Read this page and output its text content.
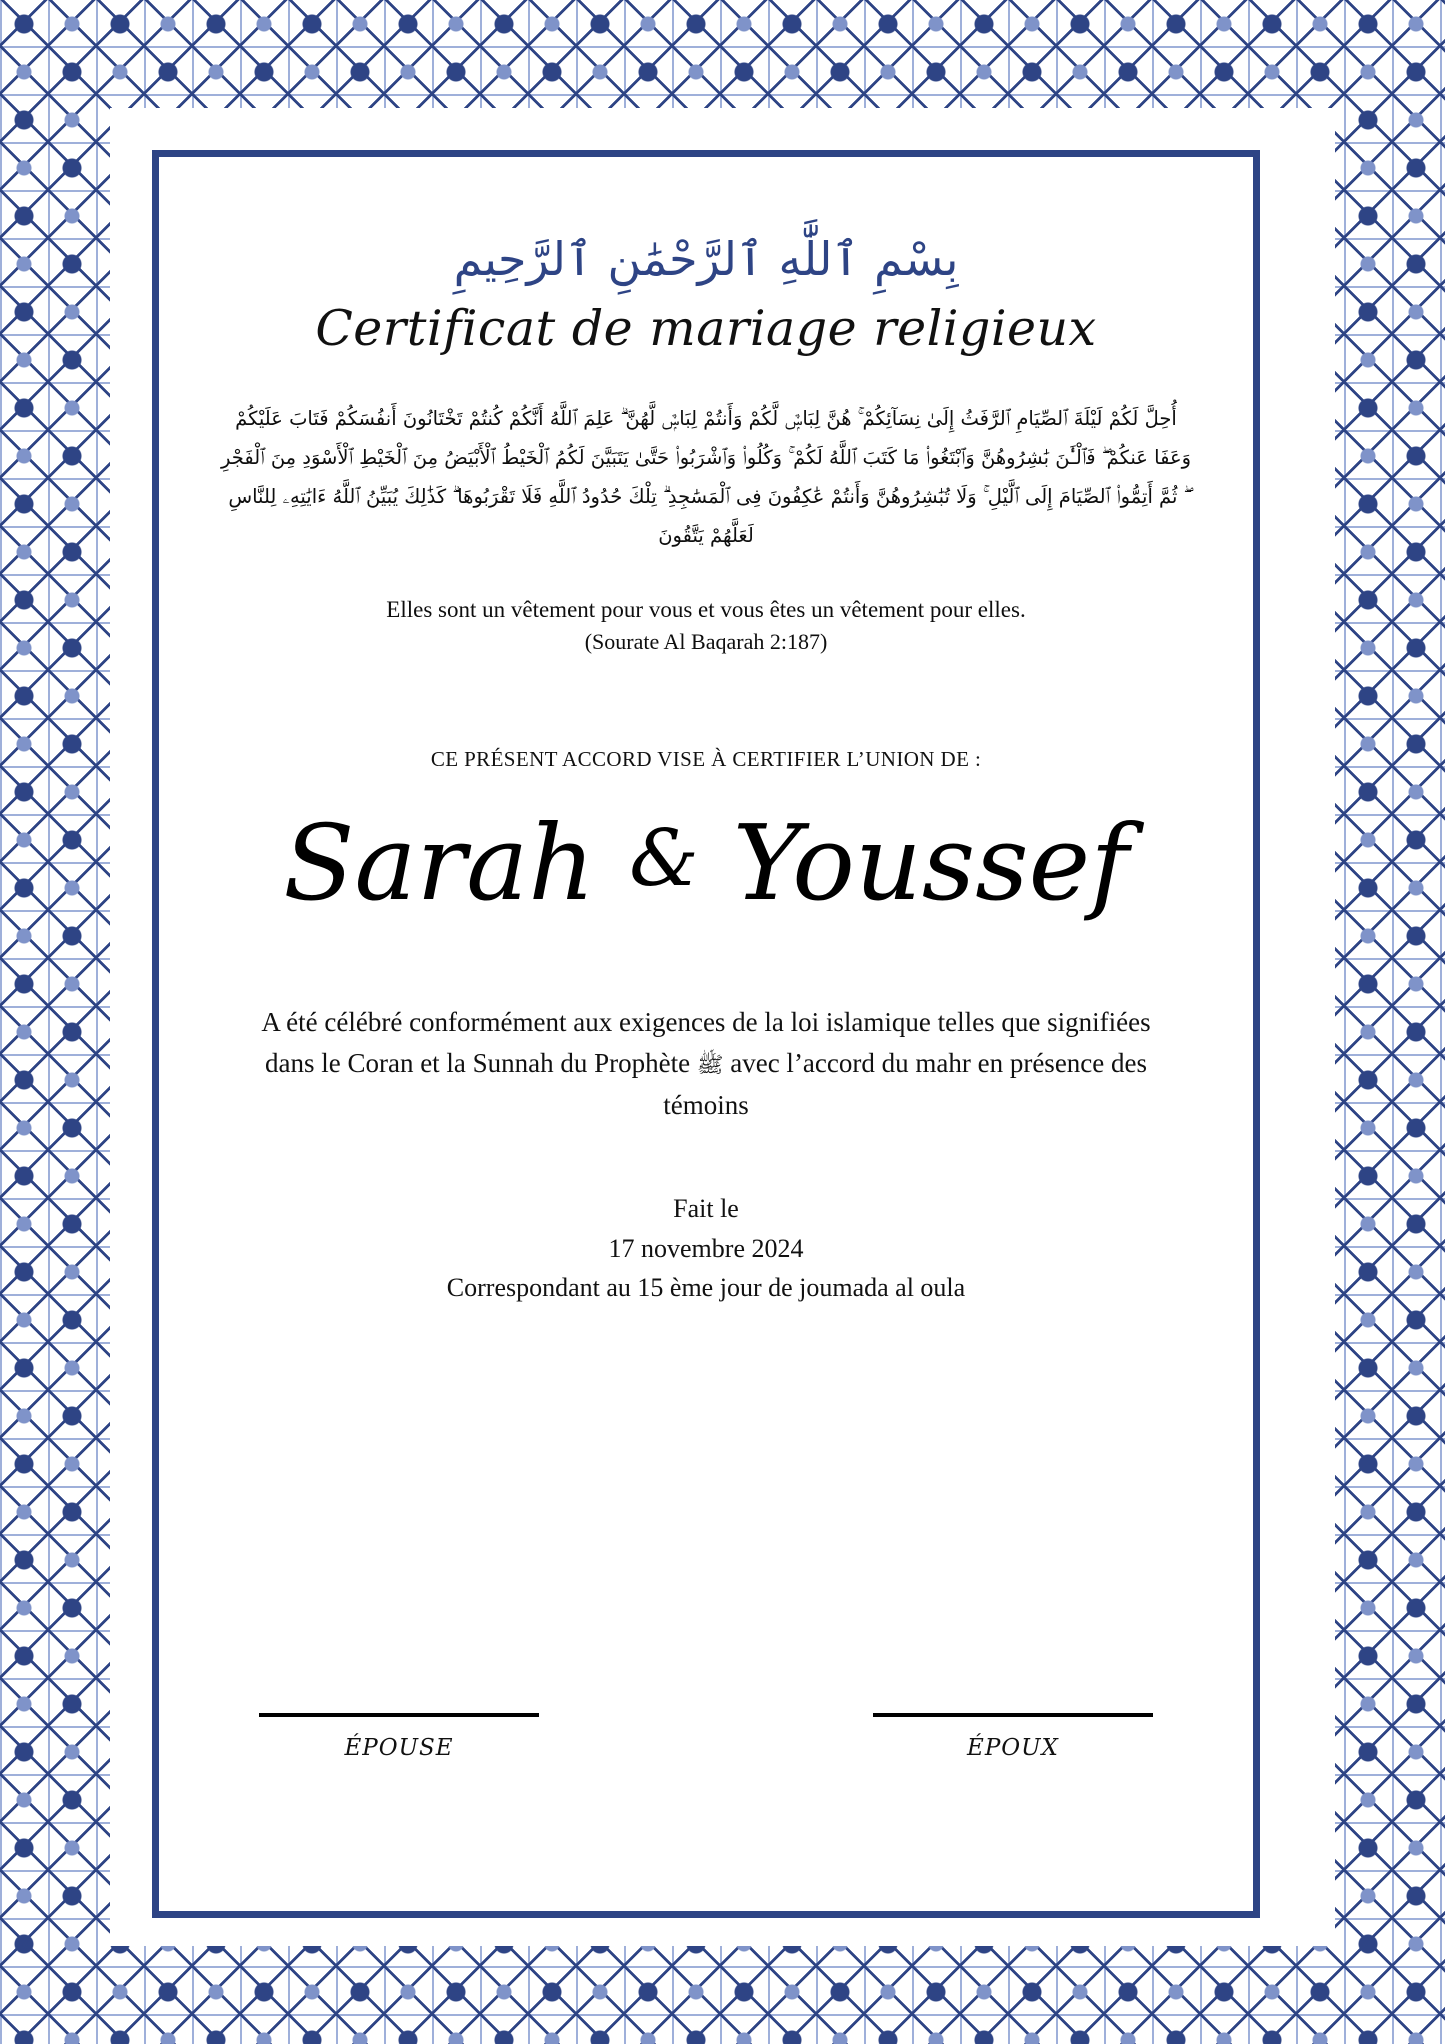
بِسْمِ ٱللَّٰهِ ٱلرَّحْمَٰنِ ٱلرَّحِيمِ
Certificat de mariage religieux
أُحِلَّ لَكُمْ لَيْلَةَ ٱلصِّيَامِ ٱلرَّفَثُ إِلَىٰ نِسَآئِكُمْ ۚ هُنَّ لِبَاسٌۭ لَّكُمْ وَأَنتُمْ لِبَاسٌۭ لَّهُنَّ ۗ عَلِمَ ٱللَّهُ أَنَّكُمْ كُنتُمْ تَخْتَانُونَ أَنفُسَكُمْ فَتَابَ عَلَيْكُمْ وَعَفَا عَنكُمْ ۖ فَٱلْـَٰٔنَ بَٰشِرُوهُنَّ وَٱبْتَغُوا۟ مَا كَتَبَ ٱللَّهُ لَكُمْ ۚ وَكُلُوا۟ وَٱشْرَبُوا۟ حَتَّىٰ يَتَبَيَّنَ لَكُمُ ٱلْخَيْطُ ٱلْأَبْيَضُ مِنَ ٱلْخَيْطِ ٱلْأَسْوَدِ مِنَ ٱلْفَجْرِ ۖ ثُمَّ أَتِمُّوا۟ ٱلصِّيَامَ إِلَى ٱلَّيْلِ ۚ وَلَا تُبَٰشِرُوهُنَّ وَأَنتُمْ عَٰكِفُونَ فِى ٱلْمَسَٰجِدِ ۗ تِلْكَ حُدُودُ ٱللَّهِ فَلَا تَقْرَبُوهَا ۗ كَذَٰلِكَ يُبَيِّنُ ٱللَّهُ ءَايَٰتِهِۦ لِلنَّاسِ لَعَلَّهُمْ يَتَّقُونَ
Elles sont un vêtement pour vous et vous êtes un vêtement pour elles.
(Sourate Al Baqarah 2:187)
CE PRÉSENT ACCORD VISE À CERTIFIER L’UNION DE :
Sarah & Youssef
A été célébré conformément aux exigences de la loi islamique telles que signifiées dans le Coran et la Sunnah du Prophète ﷺ avec l’accord du mahr en présence des témoins
Fait le
17 novembre 2024
Correspondant au 15 ème jour de joumada al oula
ÉPOUSE	ÉPOUX
